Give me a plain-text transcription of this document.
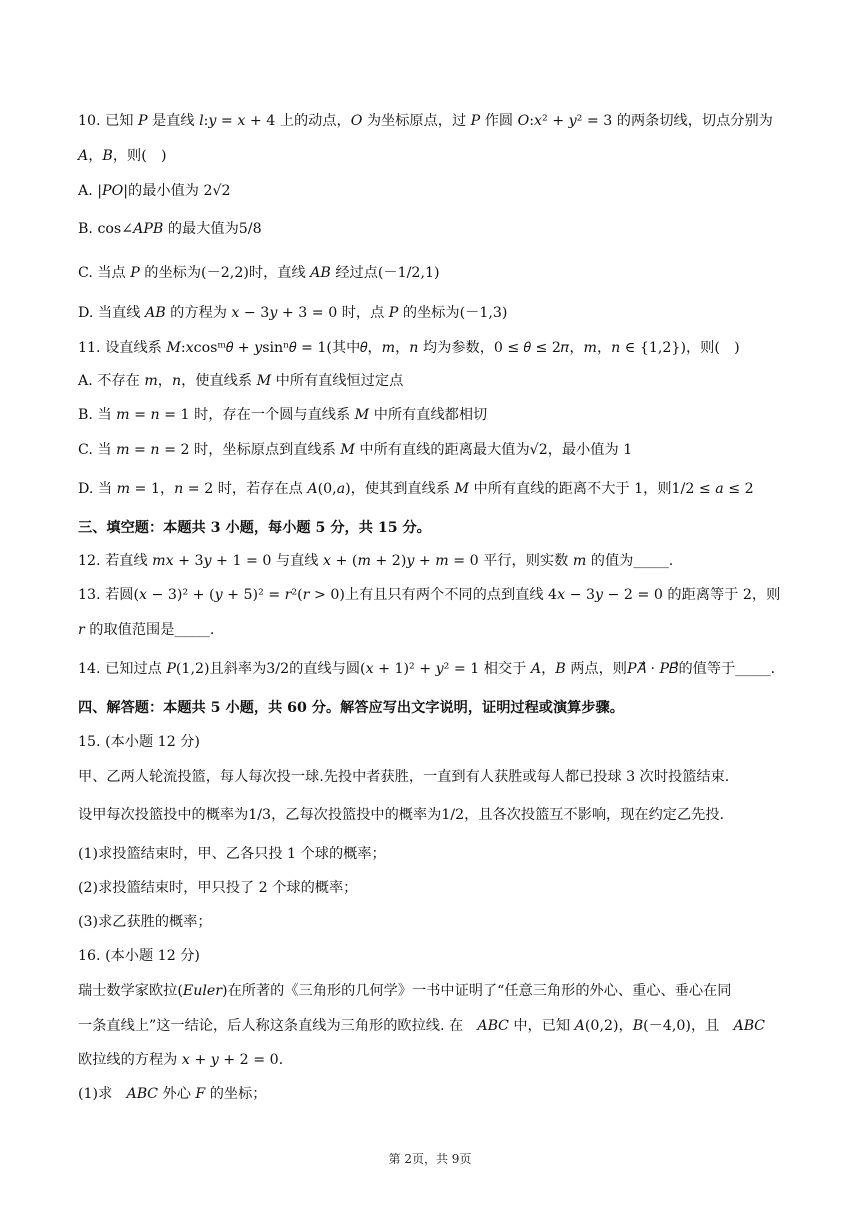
10. 已知 𝑃 是直线 𝑙:𝑦 = 𝑥 + 4 上的动点，𝑂 为坐标原点，过 𝑃 作圆 𝑂:𝑥² + 𝑦² = 3 的两条切线，切点分别为
𝐴，𝐵，则(　)
A. |𝑃𝑂|的最小值为 2√2
B. cos∠𝐴𝑃𝐵 的最大值为5/8
C. 当点 𝑃 的坐标为(－2,2)时，直线 𝐴𝐵 经过点(－1/2,1)
D. 当直线 𝐴𝐵 的方程为 𝑥 − 3𝑦 + 3 = 0 时，点 𝑃 的坐标为(－1,3)
11. 设直线系 𝑀:𝑥cosᵐ𝜃 + 𝑦sinⁿ𝜃 = 1(其中𝜃，𝑚，𝑛 均为参数，0 ≤ 𝜃 ≤ 2𝜋，𝑚，𝑛 ∈ {1,2})，则(　)
A. 不存在 𝑚，𝑛，使直线系 𝑀 中所有直线恒过定点
B. 当 𝑚 = 𝑛 = 1 时，存在一个圆与直线系 𝑀 中所有直线都相切
C. 当 𝑚 = 𝑛 = 2 时，坐标原点到直线系 𝑀 中所有直线的距离最大值为√2，最小值为 1
D. 当 𝑚 = 1，𝑛 = 2 时，若存在点 𝐴(0,𝑎)，使其到直线系 𝑀 中所有直线的距离不大于 1，则1/2 ≤ 𝑎 ≤ 2
三、填空题：本题共 3 小题，每小题 5 分，共 15 分。
12. 若直线 𝑚𝑥 + 3𝑦 + 1 = 0 与直线 𝑥 + (𝑚 + 2)𝑦 + 𝑚 = 0 平行，则实数 𝑚 的值为_____.
13. 若圆(𝑥 − 3)² + (𝑦 + 5)² = 𝑟²(𝑟 > 0)上有且只有两个不同的点到直线 4𝑥 − 3𝑦 − 2 = 0 的距离等于 2，则
𝑟 的取值范围是_____.
14. 已知过点 𝑃(1,2)且斜率为3/2的直线与圆(𝑥 + 1)² + 𝑦² = 1 相交于 𝐴，𝐵 两点，则𝑃𝐴⃗ · 𝑃𝐵⃗的值等于_____.
四、解答题：本题共 5 小题，共 60 分。解答应写出文字说明，证明过程或演算步骤。
15. (本小题 12 分)
甲、乙两人轮流投篮，每人每次投一球.先投中者获胜，一直到有人获胜或每人都已投球 3 次时投篮结束.
设甲每次投篮投中的概率为1/3，乙每次投篮投中的概率为1/2，且各次投篮互不影响，现在约定乙先投.
(1)求投篮结束时，甲、乙各只投 1 个球的概率；
(2)求投篮结束时，甲只投了 2 个球的概率；
(3)求乙获胜的概率；
16. (本小题 12 分)
瑞士数学家欧拉(𝐸𝑢𝑙𝑒𝑟)在所著的《三角形的几何学》一书中证明了“任意三角形的外心、重心、垂心在同
一条直线上”这一结论，后人称这条直线为三角形的欧拉线. 在　𝐴𝐵𝐶 中，已知 𝐴(0,2)，𝐵(－4,0)，且　𝐴𝐵𝐶
欧拉线的方程为 𝑥 + 𝑦 + 2 = 0.
(1)求　𝐴𝐵𝐶 外心 𝐹 的坐标；
第 2页，共 9页
